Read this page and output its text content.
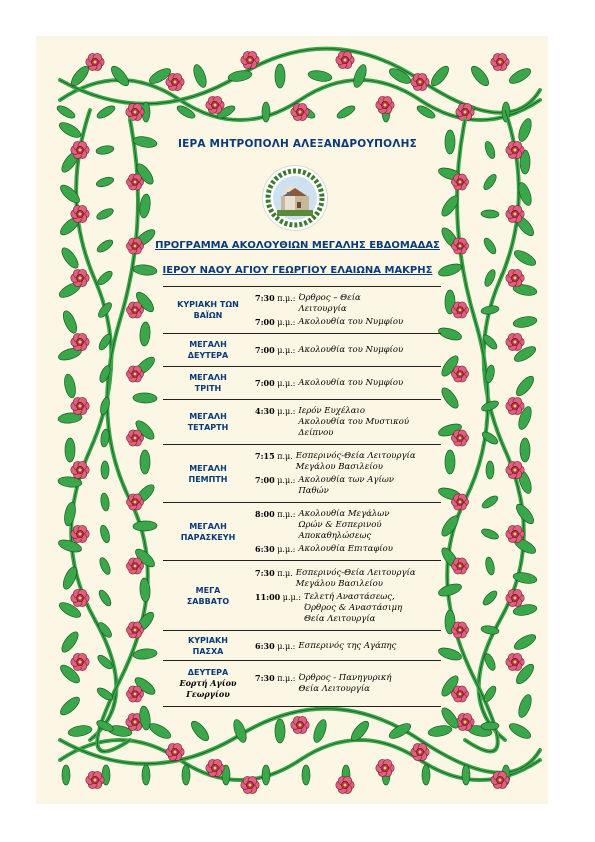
ΙΕΡΑ ΜΗΤΡΟΠΟΛΗ ΑΛΕΞΑΝΔΡΟΥΠΟΛΗΣ
ΠΡΟΓΡΑΜΜΑ ΑΚΟΛΟΥΘΙΩΝ ΜΕΓΑΛΗΣ ΕΒΔΟΜΑΔΑΣ
ΙΕΡΟΥ ΝΑΟΥ ΑΓΙΟΥ ΓΕΩΡΓΙΟΥ ΕΛΑΙΩΝΑ ΜΑΚΡΗΣ
ΚΥΡΙΑΚΗ ΤΩΝ
ΒΑΪΩΝ
7:30 π.μ.: Όρθρος – Θεία
Λειτουργία
7:00 μ.μ.: Ακολουθία του Νυμφίου
ΜΕΓΑΛΗ
ΔΕΥΤΕΡΑ
7:00 μ.μ.: Ακολουθία του Νυμφίου
ΜΕΓΑΛΗ
ΤΡΙΤΗ
7:00 μ.μ.: Ακολουθία του Νυμφίου
ΜΕΓΑΛΗ
ΤΕΤΑΡΤΗ
4:30 μ.μ.: Ιερόν Ευχέλαιο
Ακολουθία του Μυστικού
Δείπνου
ΜΕΓΑΛΗ
ΠΕΜΠΤΗ
7:15 π.μ. Εσπερινός-Θεία Λειτουργία
Μεγάλου Βασιλείου
7:00 μ.μ.: Ακολουθία των Αγίων
Παθών
ΜΕΓΑΛΗ
ΠΑΡΑΣΚΕΥΗ
8:00 π.μ.: Ακολουθία Μεγάλων
Ωρών & Εσπερινού
Αποκαθηλώσεως
6:30 μ.μ.: Ακολουθία Επιταφίου
ΜΕΓΑ
ΣΑΒΒΑΤΟ
7:30 π.μ. Εσπερινός-Θεία Λειτουργία
Μεγάλου Βασιλείου
11:00 μ.μ.: Τελετή Αναστάσεως,
Όρθρος & Αναστάσιμη
Θεία Λειτουργία
ΚΥΡΙΑΚΗ
ΠΑΣΧΑ
6:30 μ.μ.: Εσπερινός της Αγάπης
ΔΕΥΤΕΡΑ
Εορτή Αγίου Γεωργίου
7:30 π.μ.: Όρθρος - Πανηγυρική
Θεία Λειτουργία
